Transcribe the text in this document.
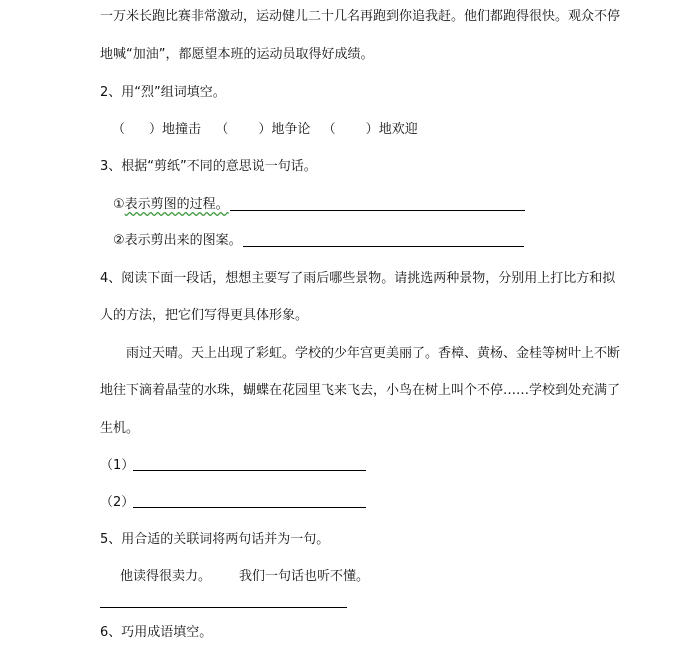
一万米长跑比赛非常激动，运动健儿二十几名再跑到你追我赶。他们都跑得很快。观众不停
地喊“加油”，都愿望本班的运动员取得好成绩。
2、用“烈”组词填空。
（ ）地撞击 （ ）地争论 （ ）地欢迎
3、根据“剪纸”不同的意思说一句话。
①表示剪图的过程。
②表示剪出来的图案。
4、阅读下面一段话，想想主要写了雨后哪些景物。请挑选两种景物，分别用上打比方和拟
人的方法，把它们写得更具体形象。
雨过天晴。天上出现了彩虹。学校的少年宫更美丽了。香樟、黄杨、金桂等树叶上不断
地往下滴着晶莹的水珠，蝴蝶在花园里飞来飞去，小鸟在树上叫个不停……学校到处充满了
生机。
（1）
（2）
5、用合适的关联词将两句话并为一句。
他读得很卖力。 我们一句话也听不懂。
6、巧用成语填空。
